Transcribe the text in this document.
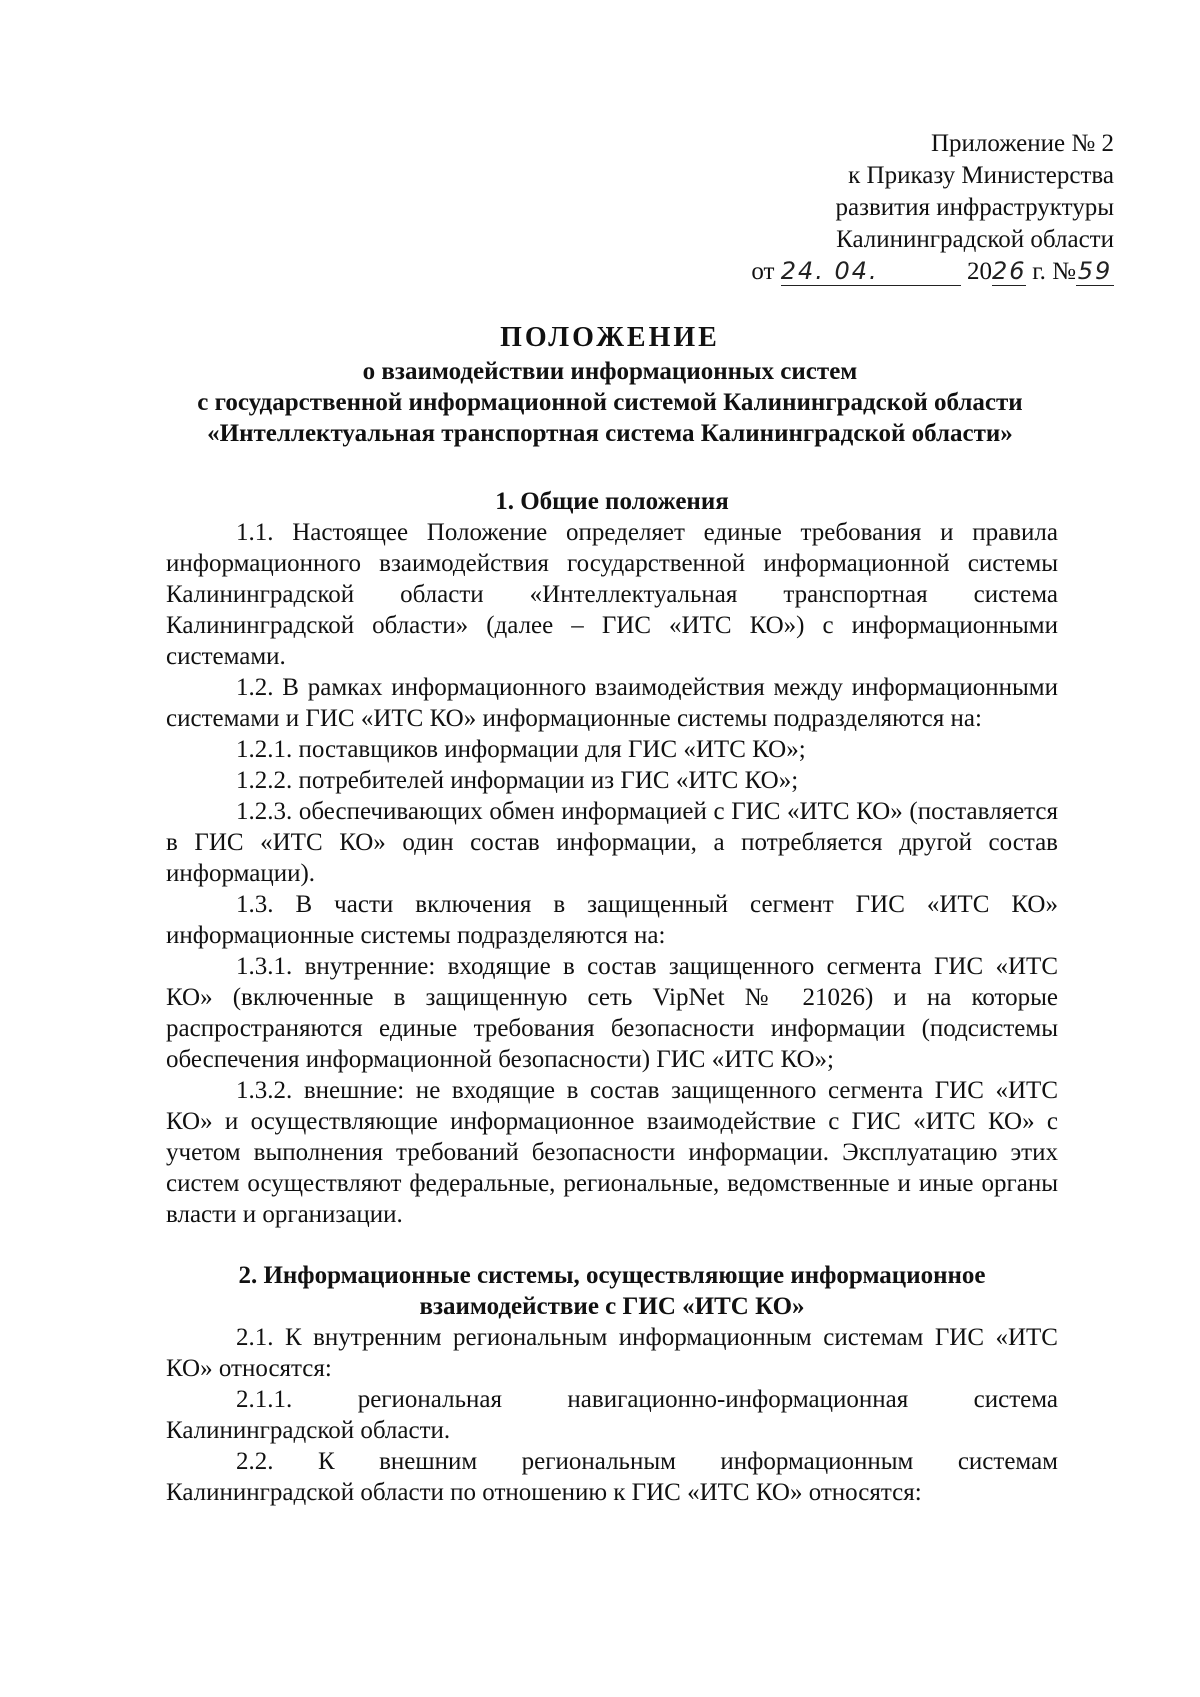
Приложение № 2
к Приказу Министерства
развития инфраструктуры
Калининградской области
от 24. 04.	2026 г. №59
ПОЛОЖЕНИЕ
о взаимодействии информационных систем
с государственной информационной системой Калининградской области
«Интеллектуальная транспортная система Калининградской области»
1. Общие положения
1.1. Настоящее Положение определяет единые требования и правила информационного взаимодействия государственной информационной системы Калининградской области «Интеллектуальная транспортная система Калининградской области» (далее – ГИС «ИТС КО») с информационными системами.
1.2. В рамках информационного взаимодействия между информационными системами и ГИС «ИТС КО» информационные системы подразделяются на:
1.2.1. поставщиков информации для ГИС «ИТС КО»;
1.2.2. потребителей информации из ГИС «ИТС КО»;
1.2.3. обеспечивающих обмен информацией с ГИС «ИТС КО» (поставляется в ГИС «ИТС КО» один состав информации, а потребляется другой состав информации).
1.3. В части включения в защищенный сегмент ГИС «ИТС КО» информационные системы подразделяются на:
1.3.1. внутренние: входящие в состав защищенного сегмента ГИС «ИТС КО» (включенные в защищенную сеть VipNet № 21026) и на которые распространяются единые требования безопасности информации (подсистемы обеспечения информационной безопасности) ГИС «ИТС КО»;
1.3.2. внешние: не входящие в состав защищенного сегмента ГИС «ИТС КО» и осуществляющие информационное взаимодействие с ГИС «ИТС КО» с учетом выполнения требований безопасности информации. Эксплуатацию этих систем осуществляют федеральные, региональные, ведомственные и иные органы власти и организации.
2. Информационные системы, осуществляющие информационное
взаимодействие с ГИС «ИТС КО»
2.1. К внутренним региональным информационным системам ГИС «ИТС КО» относятся:
2.1.1. региональная навигационно-информационная система Калининградской области.
2.2. К внешним региональным информационным системам Калининградской области по отношению к ГИС «ИТС КО» относятся:
